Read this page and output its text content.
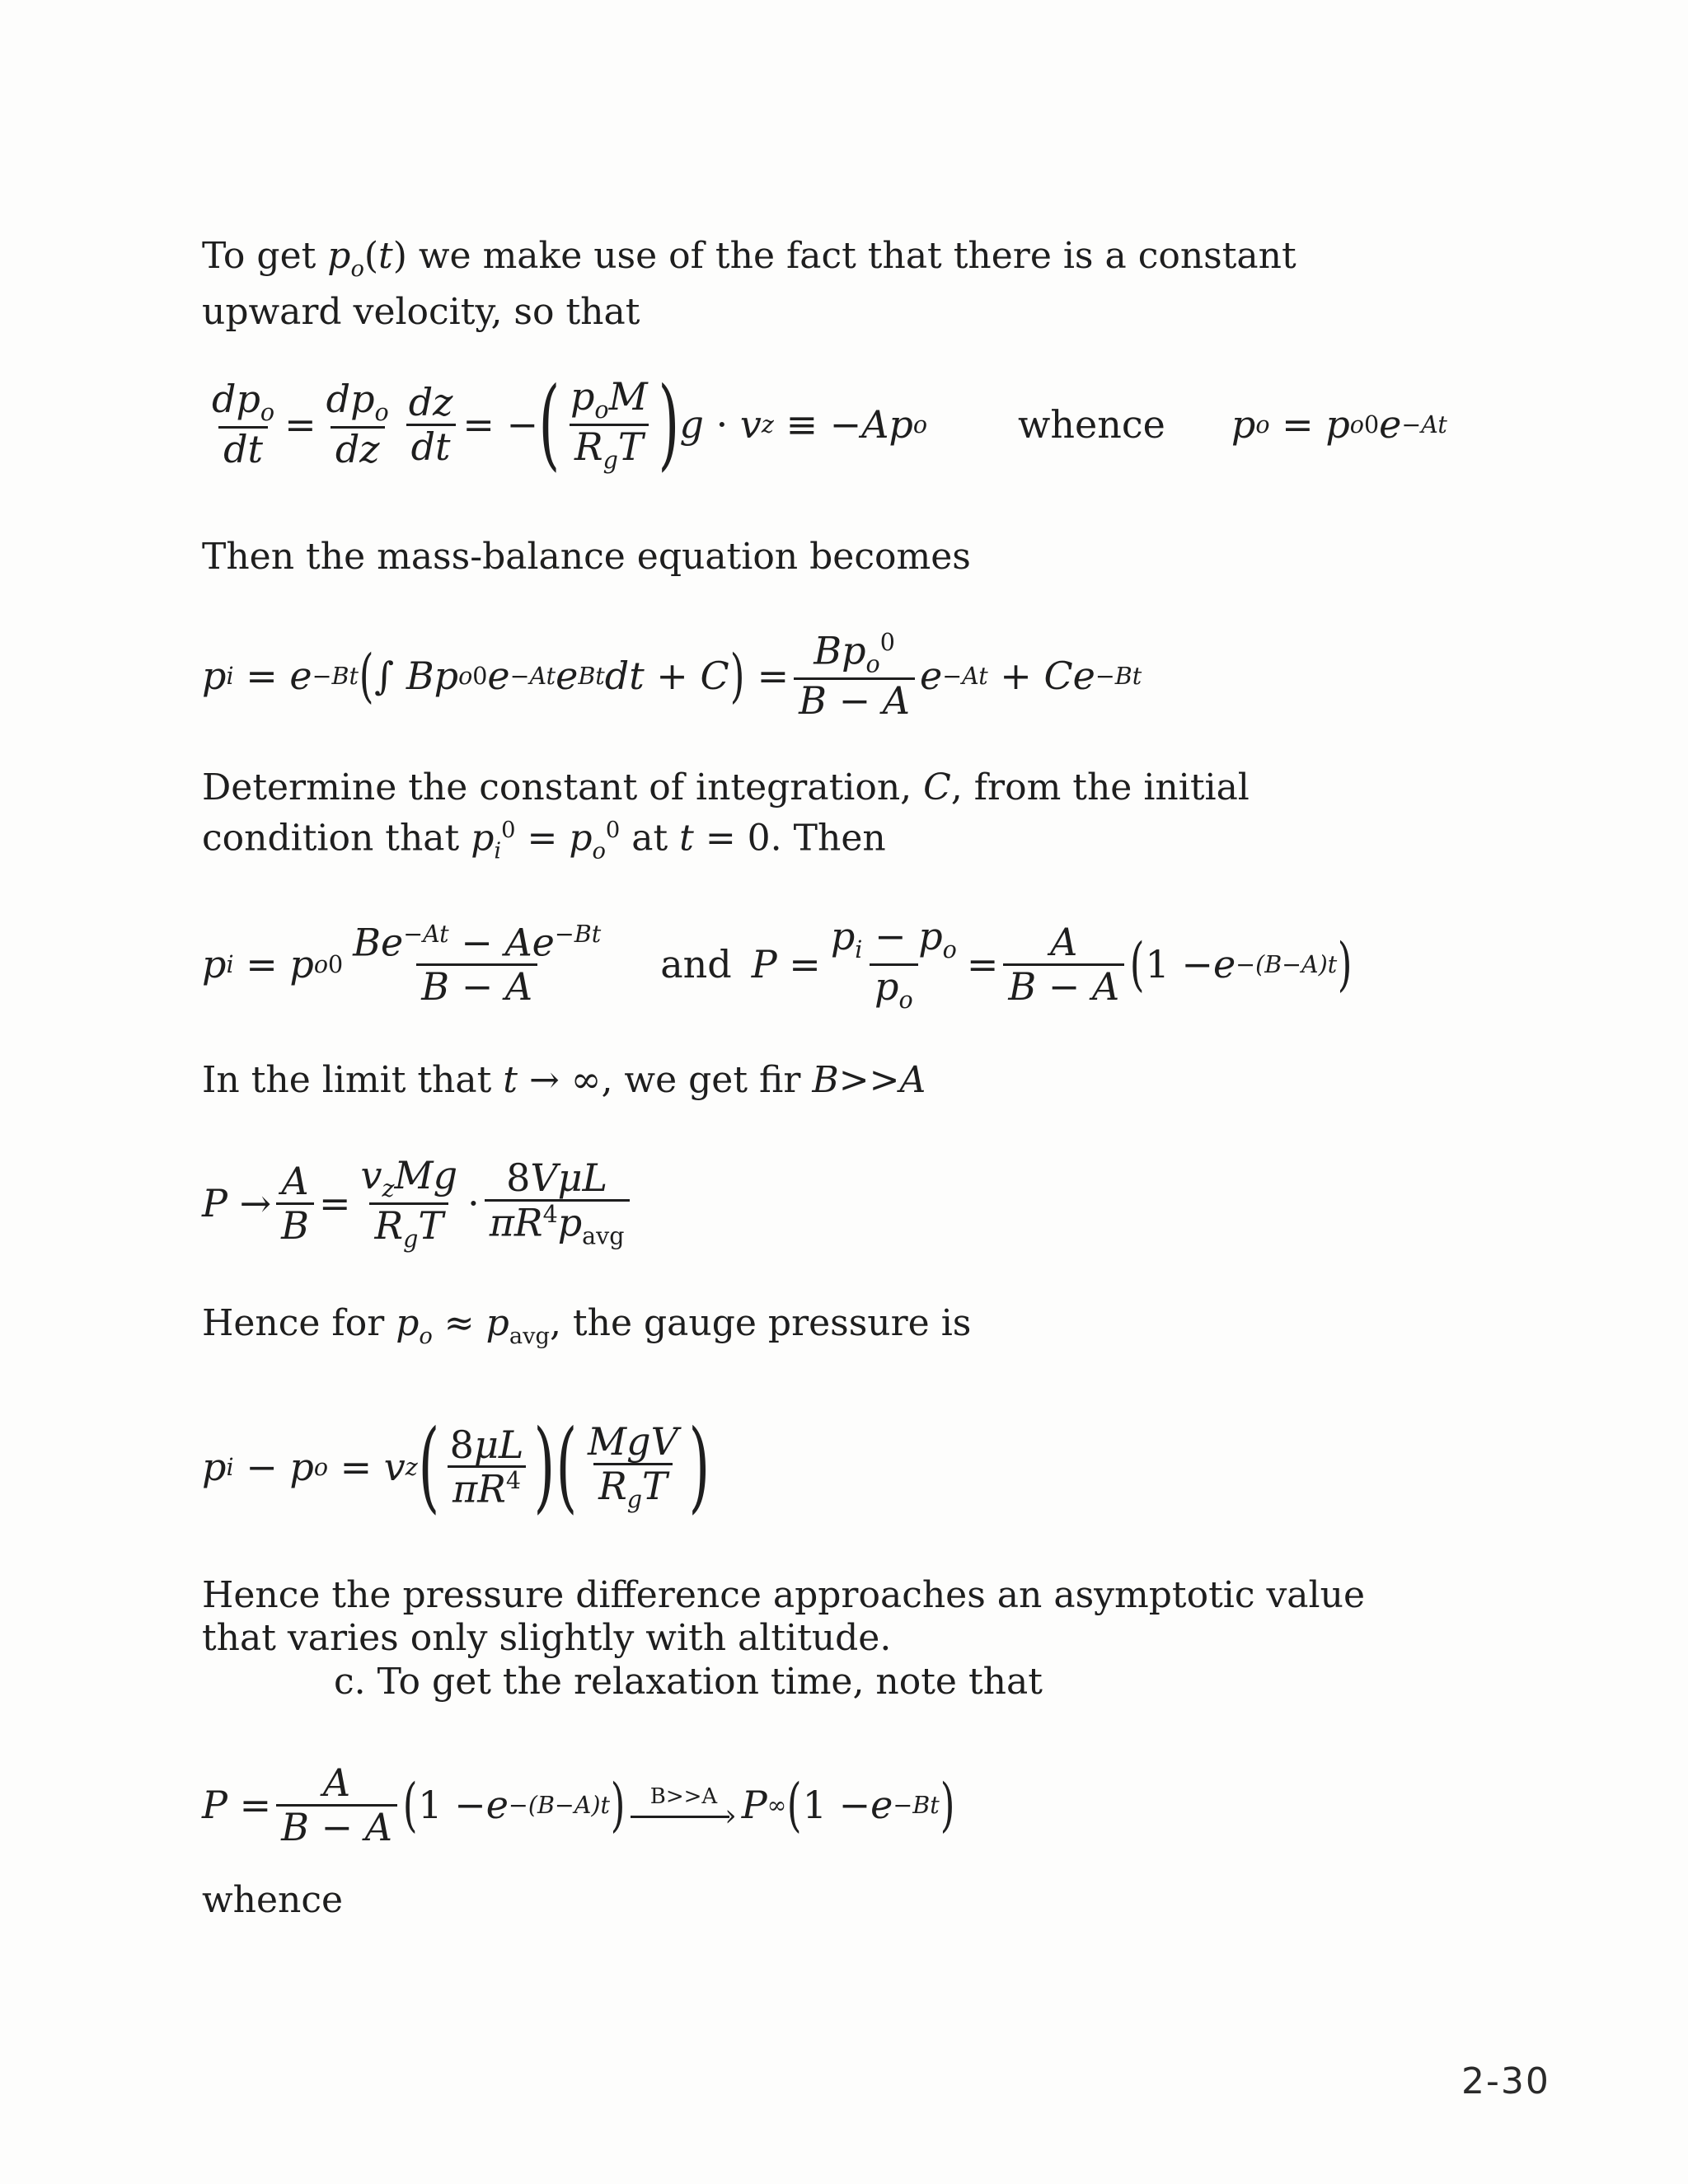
To get $p_o(t)$ we make use of the fact that there is a constant upward velocity, so that

$\frac{dp_o}{dt} = \frac{dp_o}{dz} \frac{dz}{dt}$ = − ( $\frac{p_oM}{R_gT}$ ) g · v z ≡ − Ap o whence p o = p o 0 e −At

Then the mass-balance equation becomes

p i = e −Bt ( ∫ Bp o 0 e −At e Bt dt + C ) = $\frac{Bp_o^0}{B - A}$ e −At + Ce −Bt

Determine the constant of integration, C, from the initial condition that $p_i^0 = p_o^0$ at t = 0. Then

p i = p o $0 \frac{Be^{-At} - Ae^{-Bt}}{B - A}$ and $P = \frac{p_i - p_o}{p_o} = \frac{A}{B - A}$ ( 1 − e −(B−A)t )

In the limit that t → ∞, we get fir B>>A

$P \to \frac{A}{B} = \frac{v_zMg}{R_gT} \cdot \frac{\text{8VμL}}{\pi R^4p_{avg}}$

Hence for $p_o \approx p_{avg}$, the gauge pressure is

p i − p o = v z ( $\frac{8\mu L}{\pi R^4}$ ) ( $\frac{\text{MgV}}{R_gT}$ )

Hence the pressure difference approaches an asymptotic value that varies only slightly with altitude.

c. To get the relaxation time, note that

$P = \frac{A}{B - A}$ ( 1 − e −(B−A)t ) B>>A
› P ∞ ( 1 − e −Bt )

whence

2-30
